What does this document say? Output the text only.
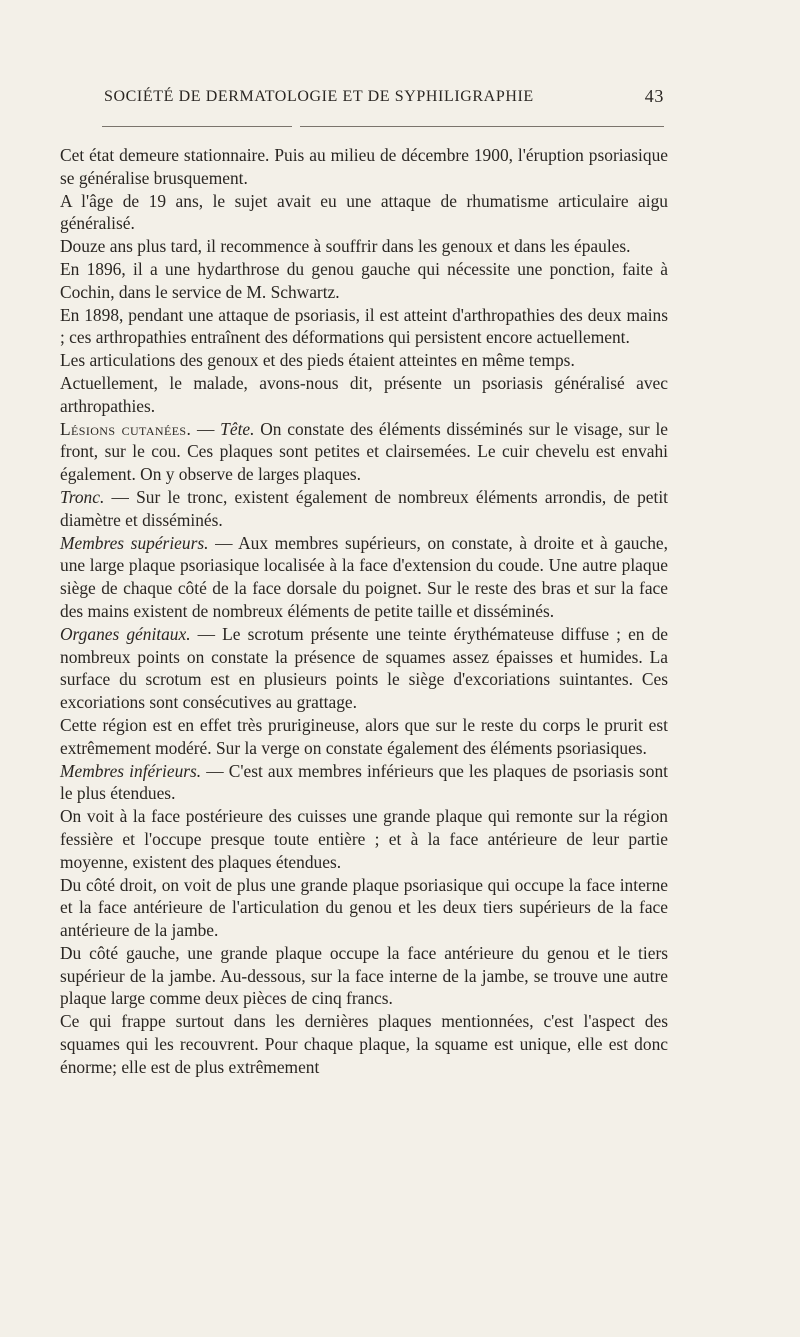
SOCIÉTÉ DE DERMATOLOGIE ET DE SYPHILIGRAPHIE	43

Cet état demeure stationnaire. Puis au milieu de décembre 1900, l'éruption psoriasique se généralise brusquement.

A l'âge de 19 ans, le sujet avait eu une attaque de rhumatisme articulaire aigu généralisé.

Douze ans plus tard, il recommence à souffrir dans les genoux et dans les épaules.

En 1896, il a une hydarthrose du genou gauche qui nécessite une ponction, faite à Cochin, dans le service de M. Schwartz.

En 1898, pendant une attaque de psoriasis, il est atteint d'arthropathies des deux mains ; ces arthropathies entraînent des déformations qui persistent encore actuellement.

Les articulations des genoux et des pieds étaient atteintes en même temps.

Actuellement, le malade, avons-nous dit, présente un psoriasis généralisé avec arthropathies.

Lésions cutanées. — Tête. On constate des éléments disséminés sur le visage, sur le front, sur le cou. Ces plaques sont petites et clairsemées. Le cuir chevelu est envahi également. On y observe de larges plaques.

Tronc. — Sur le tronc, existent également de nombreux éléments arrondis, de petit diamètre et disséminés.

Membres supérieurs. — Aux membres supérieurs, on constate, à droite et à gauche, une large plaque psoriasique localisée à la face d'extension du coude. Une autre plaque siège de chaque côté de la face dorsale du poignet. Sur le reste des bras et sur la face des mains existent de nombreux éléments de petite taille et disséminés.

Organes génitaux. — Le scrotum présente une teinte érythémateuse diffuse ; en de nombreux points on constate la présence de squames assez épaisses et humides. La surface du scrotum est en plusieurs points le siège d'excoriations suintantes. Ces excoriations sont consécutives au grattage.

Cette région est en effet très prurigineuse, alors que sur le reste du corps le prurit est extrêmement modéré. Sur la verge on constate également des éléments psoriasiques.

Membres inférieurs. — C'est aux membres inférieurs que les plaques de psoriasis sont le plus étendues.

On voit à la face postérieure des cuisses une grande plaque qui remonte sur la région fessière et l'occupe presque toute entière ; et à la face antérieure de leur partie moyenne, existent des plaques étendues.

Du côté droit, on voit de plus une grande plaque psoriasique qui occupe la face interne et la face antérieure de l'articulation du genou et les deux tiers supérieurs de la face antérieure de la jambe.

Du côté gauche, une grande plaque occupe la face antérieure du genou et le tiers supérieur de la jambe. Au-dessous, sur la face interne de la jambe, se trouve une autre plaque large comme deux pièces de cinq francs.

Ce qui frappe surtout dans les dernières plaques mentionnées, c'est l'aspect des squames qui les recouvrent. Pour chaque plaque, la squame est unique, elle est donc énorme; elle est de plus extrêmement
